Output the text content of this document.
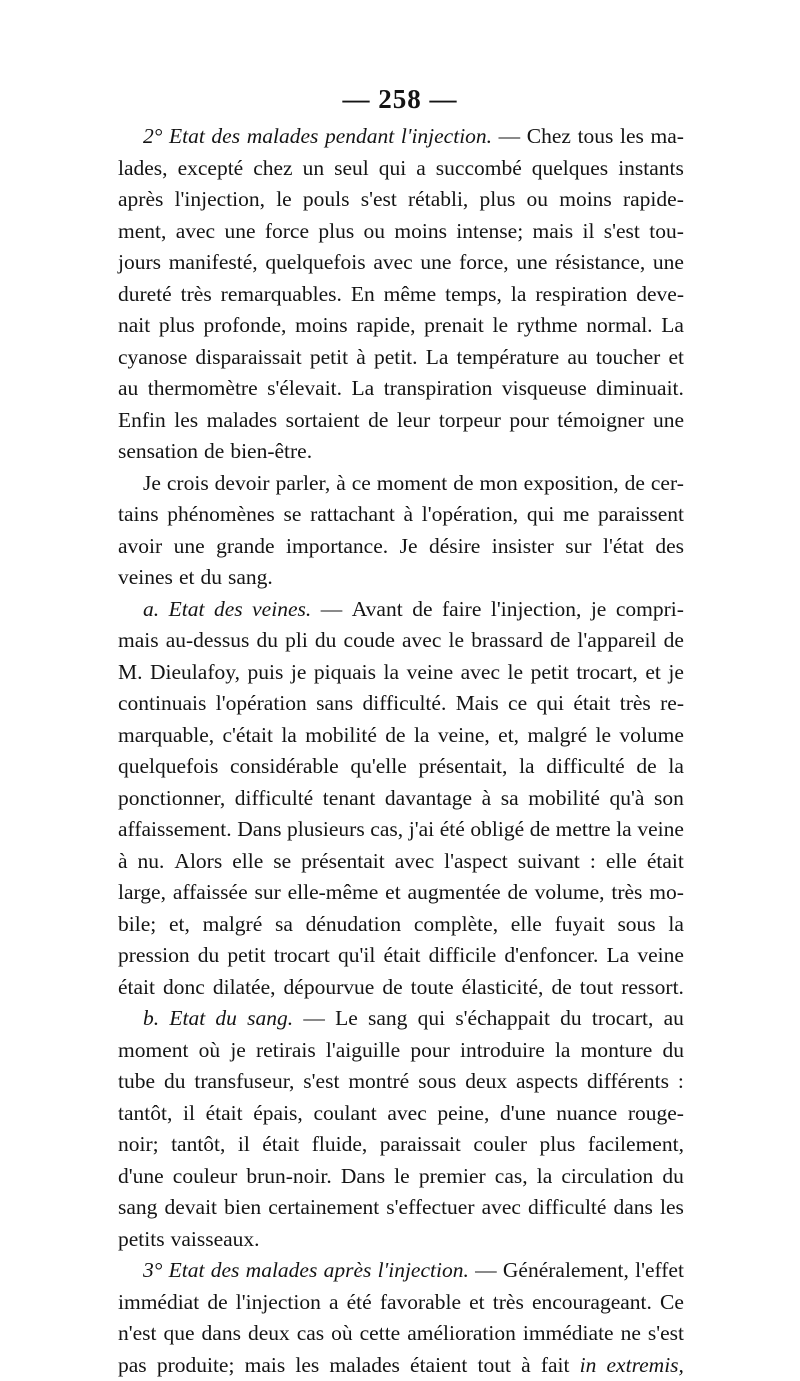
— 258 —
2° Etat des malades pendant l'injection. — Chez tous les ma-
lades, excepté chez un seul qui a succombé quelques instants
après l'injection, le pouls s'est rétabli, plus ou moins rapide-
ment, avec une force plus ou moins intense; mais il s'est tou-
jours manifesté, quelquefois avec une force, une résistance, une
dureté très remarquables. En même temps, la respiration deve-
nait plus profonde, moins rapide, prenait le rythme normal. La
cyanose disparaissait petit à petit. La température au toucher et
au thermomètre s'élevait. La transpiration visqueuse diminuait.
Enfin les malades sortaient de leur torpeur pour témoigner une
sensation de bien-être.
Je crois devoir parler, à ce moment de mon exposition, de cer-
tains phénomènes se rattachant à l'opération, qui me paraissent
avoir une grande importance. Je désire insister sur l'état des
veines et du sang.
a. Etat des veines. — Avant de faire l'injection, je compri-
mais au-dessus du pli du coude avec le brassard de l'appareil de
M. Dieulafoy, puis je piquais la veine avec le petit trocart, et je
continuais l'opération sans difficulté. Mais ce qui était très re-
marquable, c'était la mobilité de la veine, et, malgré le volume
quelquefois considérable qu'elle présentait, la difficulté de la
ponctionner, difficulté tenant davantage à sa mobilité qu'à son
affaissement. Dans plusieurs cas, j'ai été obligé de mettre la veine
à nu. Alors elle se présentait avec l'aspect suivant : elle était
large, affaissée sur elle-même et augmentée de volume, très mo-
bile; et, malgré sa dénudation complète, elle fuyait sous la
pression du petit trocart qu'il était difficile d'enfoncer. La veine
était donc dilatée, dépourvue de toute élasticité, de tout ressort.
b. Etat du sang. — Le sang qui s'échappait du trocart, au
moment où je retirais l'aiguille pour introduire la monture du
tube du transfuseur, s'est montré sous deux aspects différents :
tantôt, il était épais, coulant avec peine, d'une nuance rouge-
noir; tantôt, il était fluide, paraissait couler plus facilement,
d'une couleur brun-noir. Dans le premier cas, la circulation du
sang devait bien certainement s'effectuer avec difficulté dans les
petits vaisseaux.
3° Etat des malades après l'injection. — Généralement, l'effet
immédiat de l'injection a été favorable et très encourageant. Ce
n'est que dans deux cas où cette amélioration immédiate ne s'est
pas produite; mais les malades étaient tout à fait in extremis,
